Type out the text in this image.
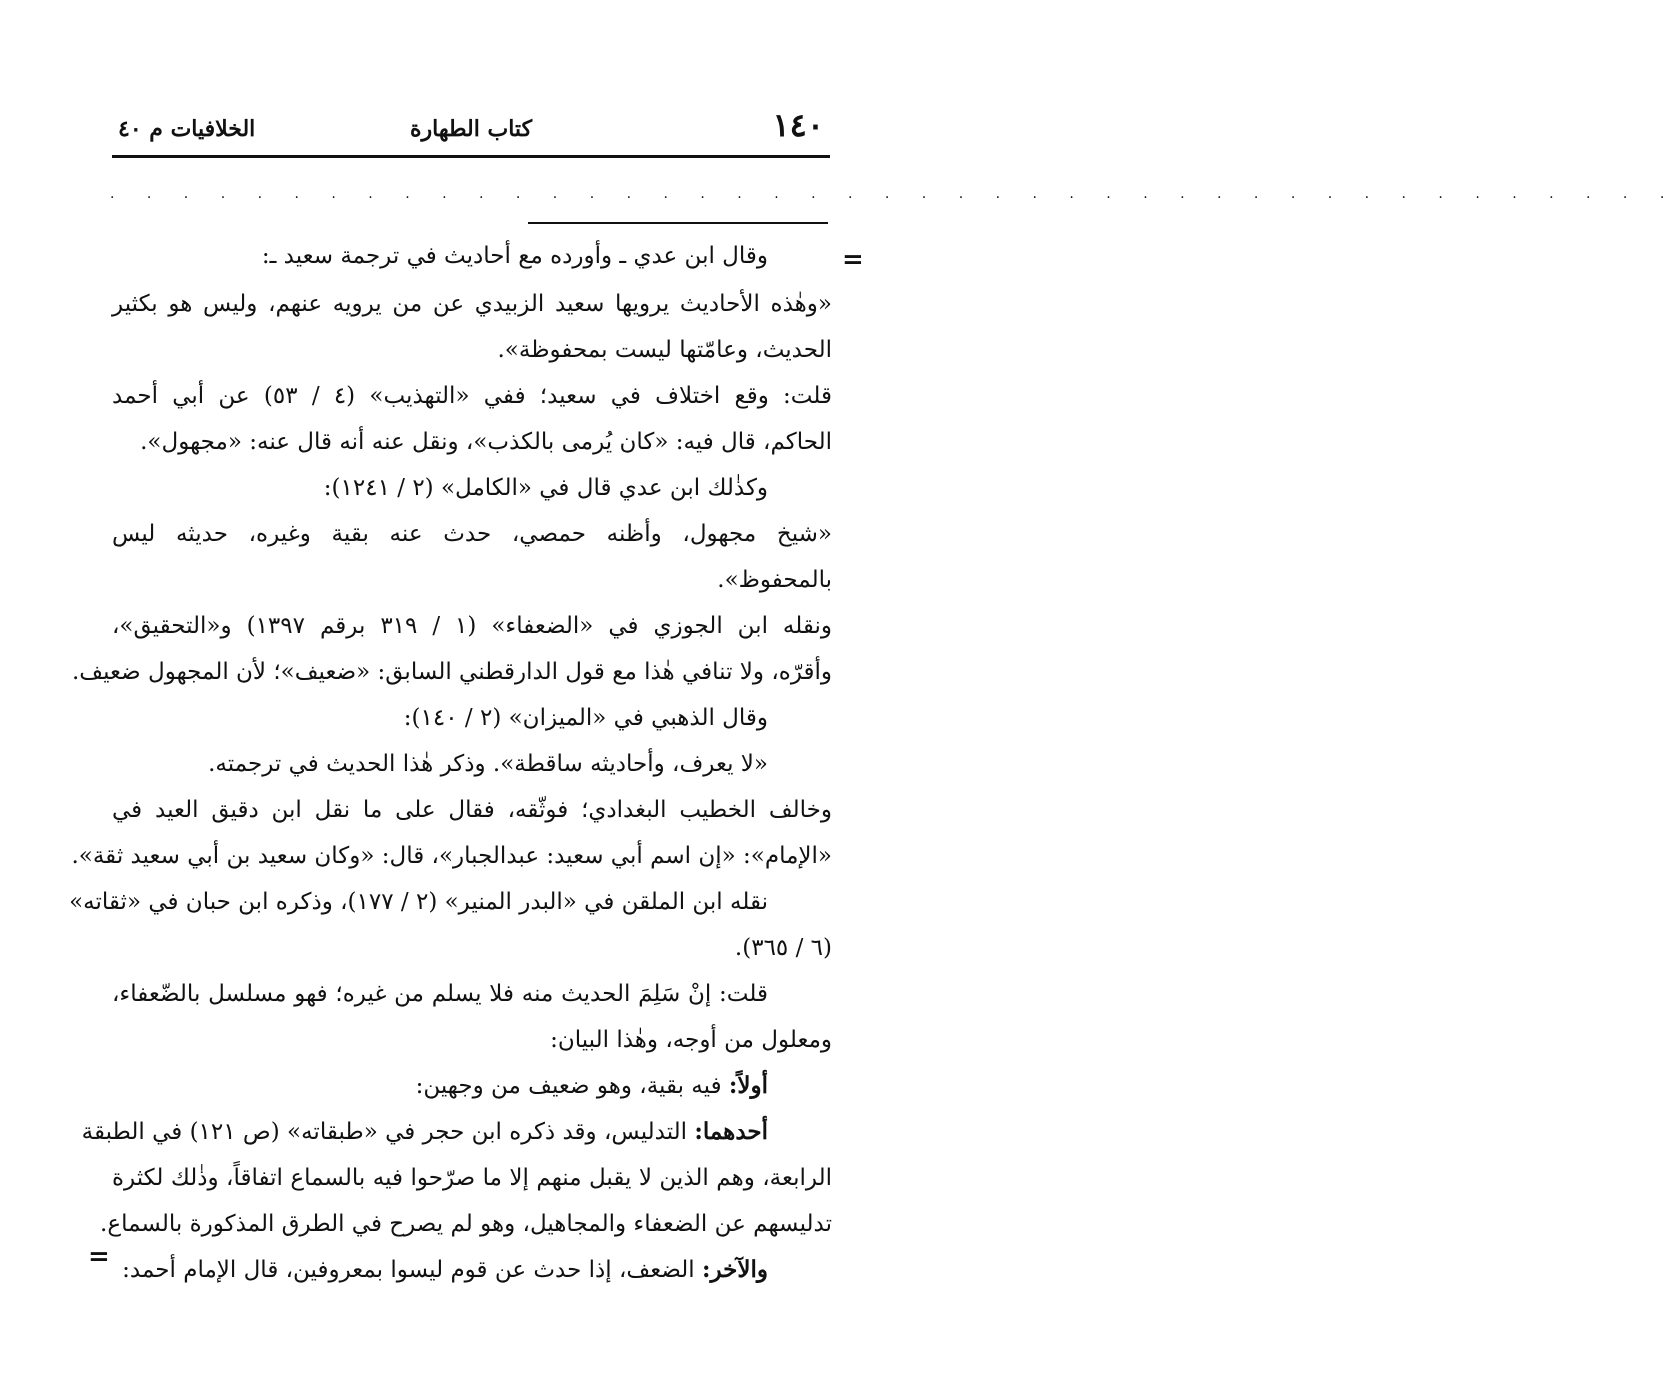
١٤٠
كتاب الطهارة
الخلافيات م ٤٠
. . . . . . . . . . . . . . . . . . . . . . . . . . . . . . . . . . . . . . . . . . .
=
=
وقال ابن عدي ـ وأورده مع أحاديث في ترجمة سعيد ـ:
«وهٰذه الأحاديث يرويها سعيد الزبيدي عن من يرويه عنهم، وليس هو بكثير
الحديث، وعامّتها ليست بمحفوظة».
قلت: وقع اختلاف في سعيد؛ ففي «التهذيب» (٤ / ٥٣) عن أبي أحمد
الحاكم، قال فيه: «كان يُرمى بالكذب»، ونقل عنه أنه قال عنه: «مجهول».
وكذٰلك ابن عدي قال في «الكامل» (٢ / ١٢٤١):
«شيخ مجهول، وأظنه حمصي، حدث عنه بقية وغيره، حديثه ليس
بالمحفوظ».
ونقله ابن الجوزي في «الضعفاء» (١ / ٣١٩ برقم ١٣٩٧) و«التحقيق»،
وأقرّه، ولا تنافي هٰذا مع قول الدارقطني السابق: «ضعيف»؛ لأن المجهول ضعيف.
وقال الذهبي في «الميزان» (٢ / ١٤٠):
«لا يعرف، وأحاديثه ساقطة». وذكر هٰذا الحديث في ترجمته.
وخالف الخطيب البغدادي؛ فوثّقه، فقال على ما نقل ابن دقيق العيد في
«الإمام»: «إن اسم أبي سعيد: عبدالجبار»، قال: «وكان سعيد بن أبي سعيد ثقة».
نقله ابن الملقن في «البدر المنير» (٢ / ١٧٧)، وذكره ابن حبان في «ثقاته»
(٦ / ٣٦٥).
قلت: إنْ سَلِمَ الحديث منه فلا يسلم من غيره؛ فهو مسلسل بالضّعفاء،
ومعلول من أوجه، وهٰذا البيان:
أولاً: فيه بقية، وهو ضعيف من وجهين:
أحدهما: التدليس، وقد ذكره ابن حجر في «طبقاته» (ص ١٢١) في الطبقة
الرابعة، وهم الذين لا يقبل منهم إلا ما صرّحوا فيه بالسماع اتفاقاً، وذٰلك لكثرة
تدليسهم عن الضعفاء والمجاهيل، وهو لم يصرح في الطرق المذكورة بالسماع.
والآخر: الضعف، إذا حدث عن قوم ليسوا بمعروفين، قال الإمام أحمد:
